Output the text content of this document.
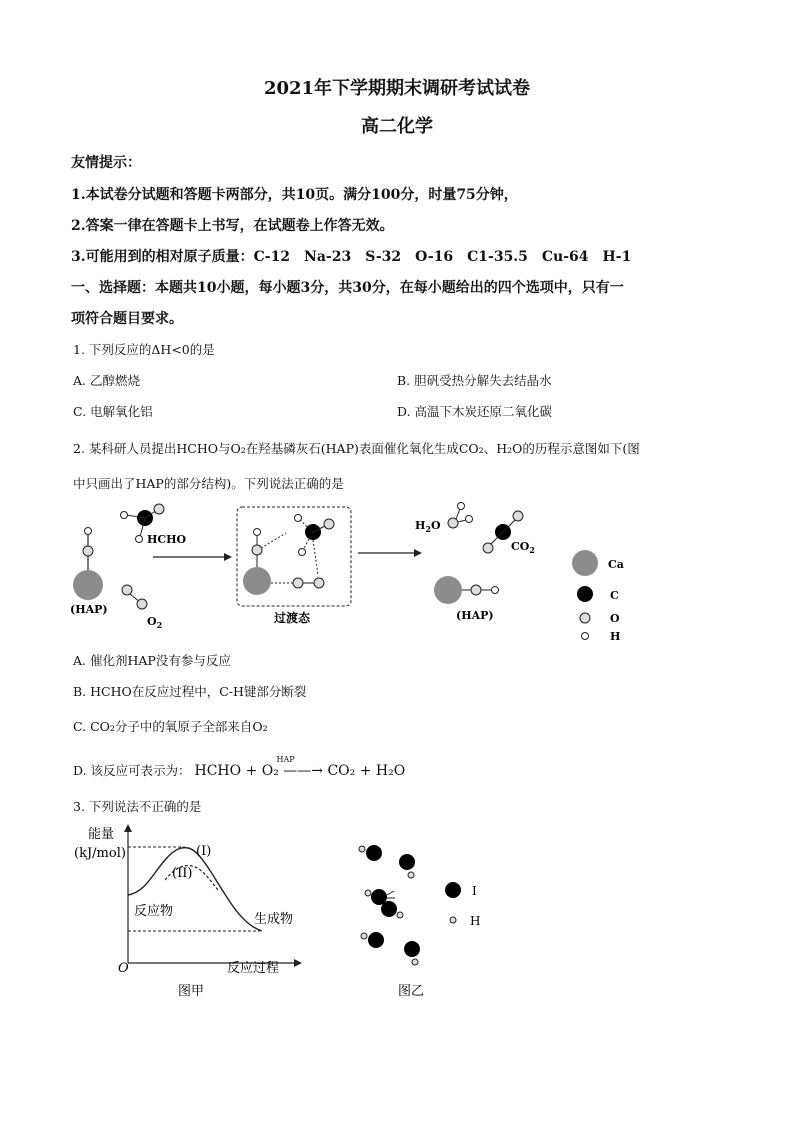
2021年下学期期末调研考试试卷
高二化学
友情提示：
1.本试卷分试题和答题卡两部分，共10页。满分100分，时量75分钟，
2.答案一律在答题卡上书写，在试题卷上作答无效。
3.可能用到的相对原子质量：C-12　Na-23　S-32　O-16　C1-35.5　Cu-64　H-1
一、选择题：本题共10小题，每小题3分，共30分，在每小题给出的四个选项中，只有一
项符合题目要求。
1. 下列反应的ΔH<0的是
A. 乙醇燃烧	B. 胆矾受热分解失去结晶水
C. 电解氧化铝	D. 高温下木炭还原二氧化碳
2. 某科研人员提出HCHO与O₂在羟基磷灰石(HAP)表面催化氧化生成CO₂、H₂O的历程示意图如下(图
中只画出了HAP的部分结构)。下列说法正确的是
HCHO
(HAP)
$O_2$	过渡态
$H_2O$
$CO_2$
(HAP)
Ca
C
O
H
A. 催化剂HAP没有参与反应
B. HCHO在反应过程中，C-H键部分断裂
C. CO₂分子中的氧原子全部来自O₂
D. 该反应可表示为： HCHO + O₂ ——→ CO₂ + H₂O
HAP
3. 下列说法不正确的是
能量
(kJ/mol)	(I)
(II)
反应物
生成物
O	反应过程
图甲
I
H
图乙
